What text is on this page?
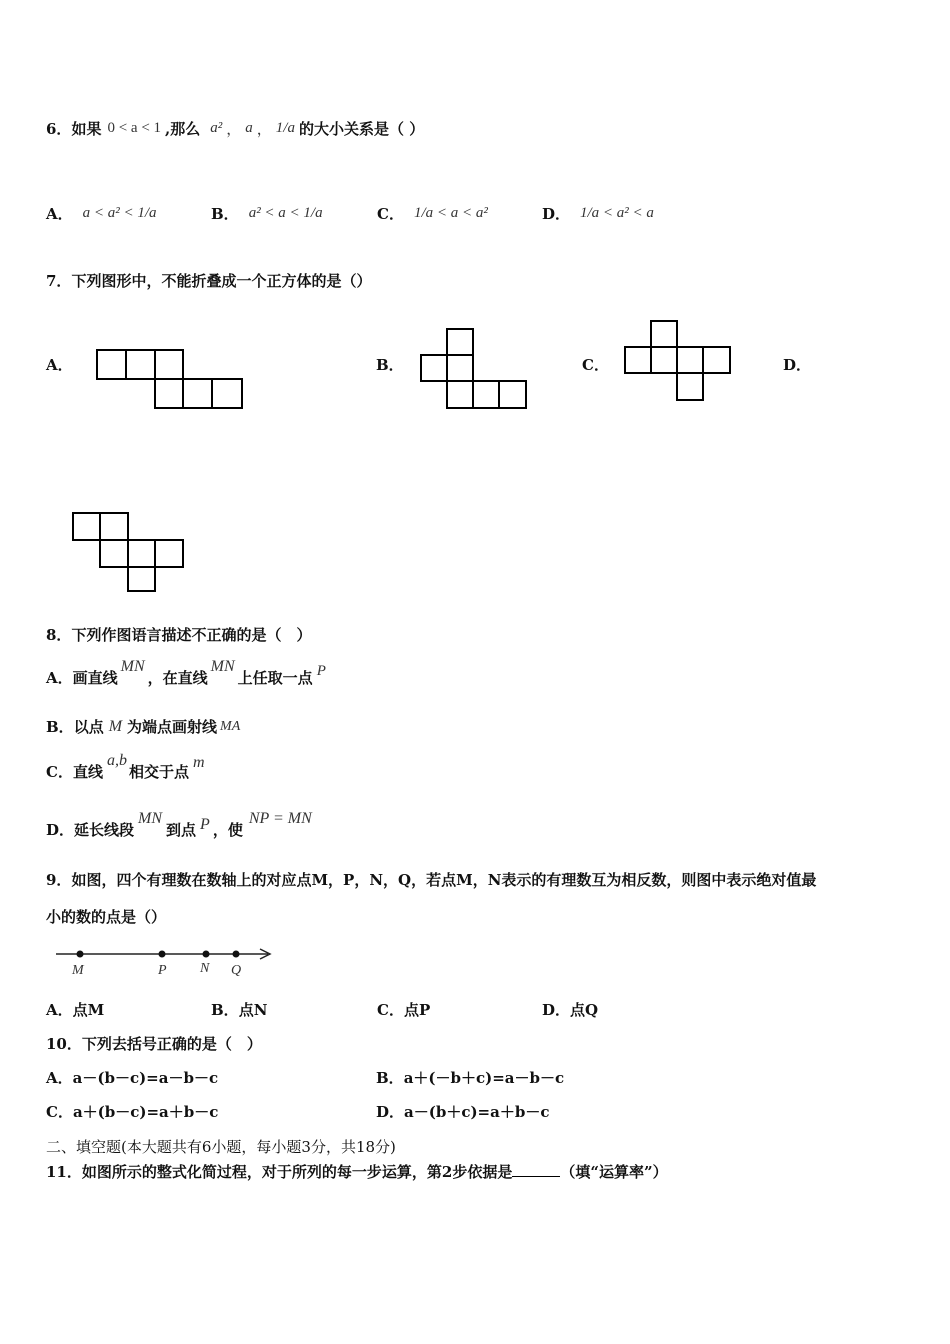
6． 如果 0 < a < 1 ,那么 a² ， a ， 1/a 的大小关系是（ ）
A． a < a² < 1/a	B． a² < a < 1/a	C． 1/a < a < a²	D． 1/a < a² < a
7．下列图形中，不能折叠成一个正方体的是（）
A．	B．	C．	D．
8．下列作图语言描述不正确的是（　）
A． 画直线
MN
，在直线
MN
上任取一点 P
B． 以点 M 为端点画射线 MA
C． 直线
a,b
相交于点
m
D． 延长线段
MN
到点 P ，使
NP = MN
9．如图，四个有理数在数轴上的对应点M，P，N，Q，若点M，N表示的有理数互为相反数，则图中表示绝对值最
小的数的点是（）
M	P N Q
A．点M	B．点N	C．点P	D．点Q
10．下列去括号正确的是（　）
A．a－(b－c)=a－b－c	B．a＋(－b＋c)=a－b－c
C．a＋(b－c)=a＋b－c	D．a－(b＋c)=a＋b－c
二、填空题(本大题共有6小题，每小题3分，共18分)
11．如图所示的整式化简过程，对于所列的每一步运算，第2步依据是	（填“运算率”）
